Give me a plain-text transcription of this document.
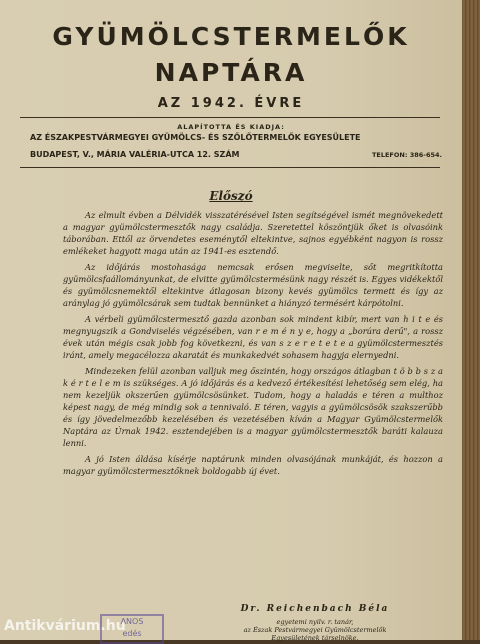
GYÜMÖLCSTERMELŐK
NAPTÁRA
AZ 1942. ÉVRE
ALAPÍTOTTA ÉS KIADJA:
AZ ÉSZAKPESTVÁRMEGYEI GYÜMÖLCS- ÉS SZŐLŐTERMELŐK EGYESÜLETE
BUDAPEST, V., MÁRIA VALÉRIA-UTCA 12. SZÁM	TELEFON: 386-654.
Előszó

Az elmult évben a Délvidék visszatérésével Isten segítségével ismét megnövekedett a magyar gyümölcstermesztők nagy családja. Szeretettel köszöntjük őket is olvasóink táborában. Ettől az örvendetes eseménytől eltekintve, sajnos egyébként nagyon is rossz emlékeket hagyott maga után az 1941-es esztendő.

Az időjárás mostohasága nemcsak erősen megviselte, sőt megritkította gyümölcsfaállományunkat, de elvitte gyümölcstermésünk nagy részét is. Egyes vidékektől és gyümölcsnemektől eltekintve átlagosan bizony kevés gyümölcs termett és így az aránylag jó gyümölcsárak sem tudtak bennünket a hiányzó termésért kárpótolni.

A vérbeli gyümölcstermesztő gazda azonban sok mindent kibír, mert van h i t e és megnyugszik a Gondviselés végzésében, van r e m é n y e, hogy a „borúra derű", a rossz évek után mégis csak jobb fog következni, és van s z e r e t e t e a gyümölcstermesztés iránt, amely megacélozza akaratát és munkakedvét sohasem hagyja elernyedni.

Mindezeken felül azonban valljuk meg őszintén, hogy országos átlagban t ö b b s z a k é r t e l e m is szükséges. A jó időjárás és a kedvező értékesítési lehetőség sem elég, ha nem kezeljük okszerűen gyümölcsösünket. Tudom, hogy a haladás e téren a multhoz képest nagy, de még mindig sok a tennivaló. E téren, vagyis a gyümölcsösök szakszerűbb és így jövedelmezőbb kezelésében és vezetésében kíván a Magyar Gyümölcstermelők Naptára az Úrnak 1942. esztendejében is a magyar gyümölcstermesztők baráti kalauza lenni.

A jó Isten áldása kísérje naptárunk minden olvasójának munkáját, és hozzon a magyar gyümölcstermesztőknek boldogabb új évet.

Dr. Reichenbach Béla
egyetemi nyilv. r. tanár,
az Észak Pestvármegyei Gyümölcstermelők
Egyesületének társelnöke.
ANOS
edés
Antikvárium.hu
